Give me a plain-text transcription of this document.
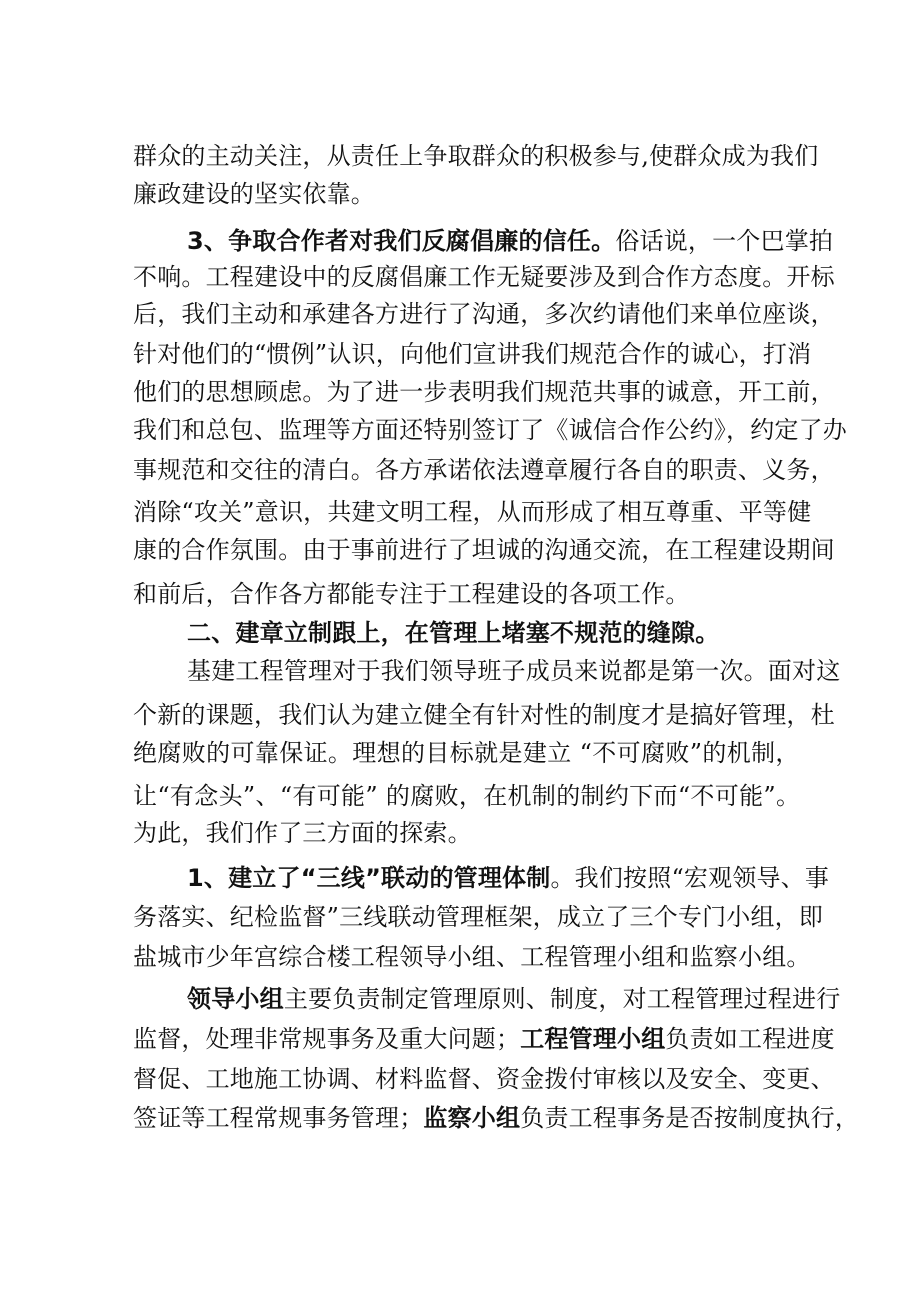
群众的主动关注，从责任上争取群众的积极参与,使群众成为我们
廉政建设的坚实依靠。
3、争取合作者对我们反腐倡廉的信任。俗话说，一个巴掌拍
不响。工程建设中的反腐倡廉工作无疑要涉及到合作方态度。开标
后，我们主动和承建各方进行了沟通，多次约请他们来单位座谈，
针对他们的“惯例”认识，向他们宣讲我们规范合作的诚心，打消
他们的思想顾虑。为了进一步表明我们规范共事的诚意，开工前，
我们和总包、监理等方面还特别签订了《诚信合作公约》，约定了办
事规范和交往的清白。各方承诺依法遵章履行各自的职责、义务，
消除“攻关”意识，共建文明工程，从而形成了相互尊重、平等健
康的合作氛围。由于事前进行了坦诚的沟通交流，在工程建设期间
和前后，合作各方都能专注于工程建设的各项工作。
二、建章立制跟上，在管理上堵塞不规范的缝隙。
基建工程管理对于我们领导班子成员来说都是第一次。面对这
个新的课题，我们认为建立健全有针对性的制度才是搞好管理，杜
绝腐败的可靠保证。理想的目标就是建立 “不可腐败”的机制，
让“有念头”、“有可能” 的腐败，在机制的制约下而“不可能”。
为此，我们作了三方面的探索。
1、建立了“三线”联动的管理体制。我们按照“宏观领导、事
务落实、纪检监督”三线联动管理框架，成立了三个专门小组，即
盐城市少年宫综合楼工程领导小组、工程管理小组和监察小组。
领导小组主要负责制定管理原则、制度，对工程管理过程进行
监督，处理非常规事务及重大问题；工程管理小组负责如工程进度
督促、工地施工协调、材料监督、资金拨付审核以及安全、变更、
签证等工程常规事务管理；监察小组负责工程事务是否按制度执行，
